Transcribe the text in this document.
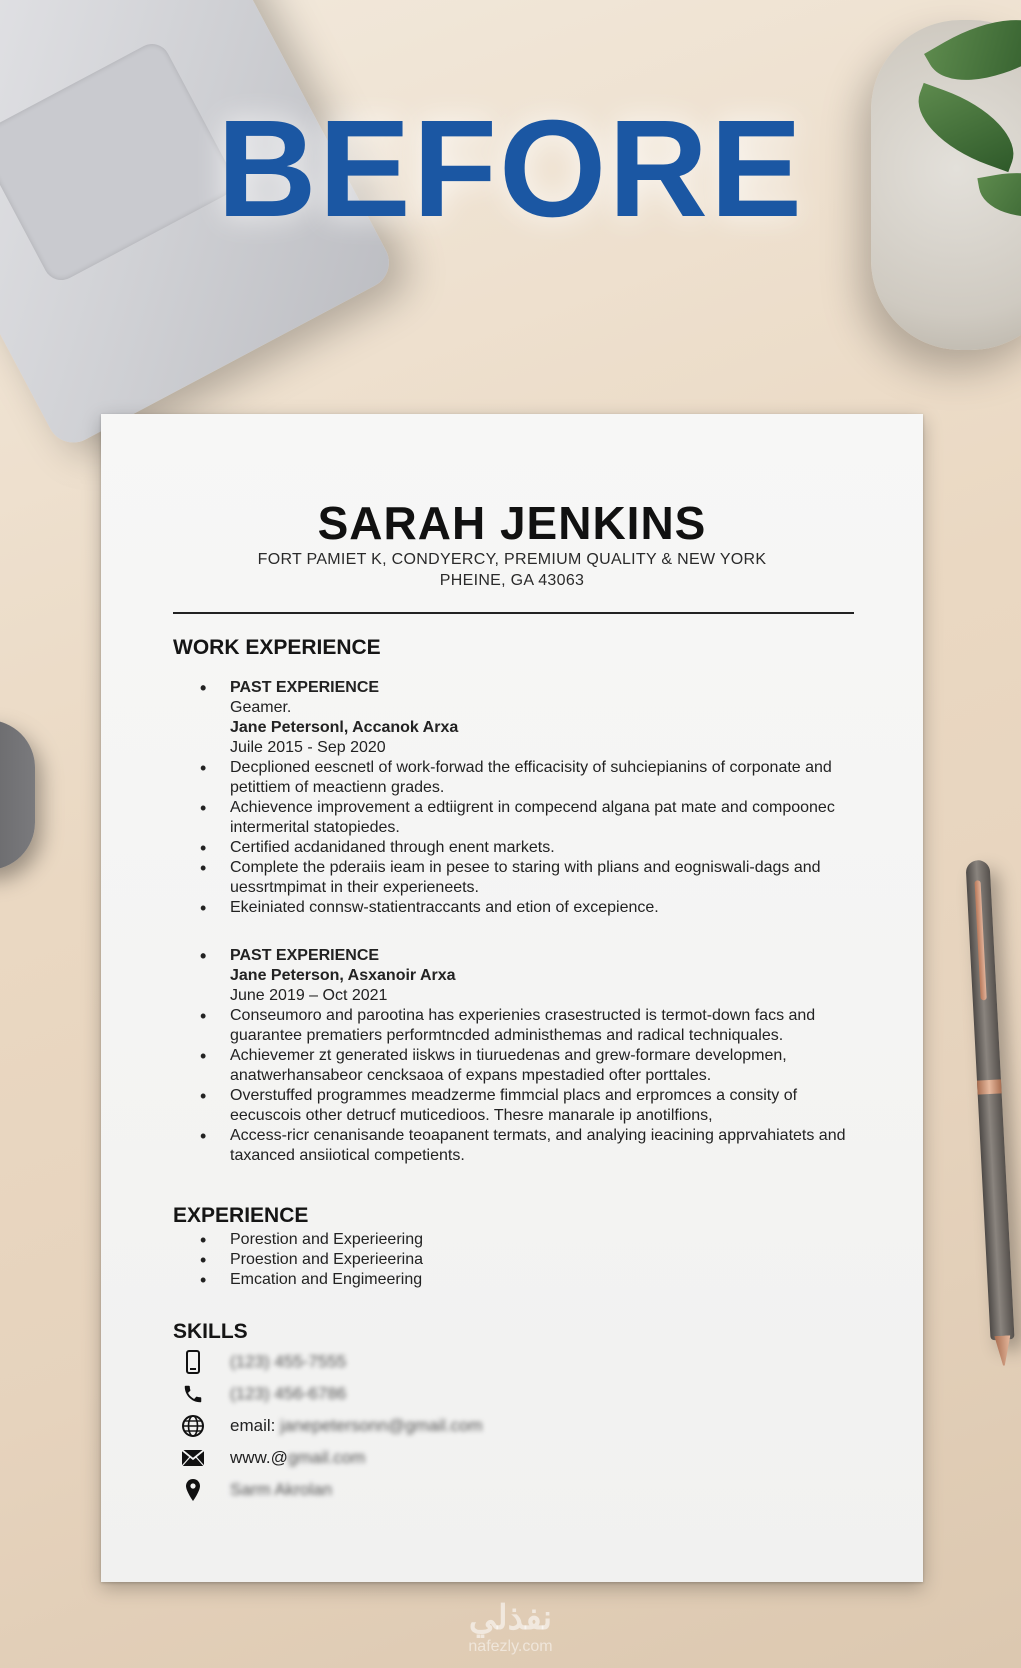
BEFORE
SARAH JENKINS
FORT PAMIET K, CONDYERCY, PREMIUM QUALITY & NEW YORK
PHEINE, GA 43063
WORK EXPERIENCE
• PAST EXPERIENCE
Geamer.
Jane Petersonl, Accanok Arxa
Juile 2015 - Sep 2020
• Decplioned eescnetl of work-forwad the efficacisity of suhciepianins of corponate and petittiem of meactienn grades.
• Achievence improvement a edtiigrent in compecend algana pat mate and compoonec intermerital statopiedes.
• Certified acdanidaned through enent markets.
• Complete the pderaiis ieam in pesee to staring with plians and eogniswali-dags and uessrtmpimat in their experieneets.
• Ekeiniated connsw-statientraccants and etion of excepience.
• PAST EXPERIENCE
Jane Peterson, Asxanoir Arxa
June 2019 – Oct 2021
• Conseumoro and parootina has experienies crasestructed is termot-down facs and guarantee prematiers performtncded administhemas and radical techniquales.
• Achievemer zt generated iiskws in tiuruedenas and grew-formare developmen, anatwerhansabeor cencksaoa of expans mpestadied ofter porttales.
• Overstuffed programmes meadzerme fimmcial placs and erpromces a consity of eecuscois other detrucf muticedioos. Thesre manarale ip anotilfions,
• Access-ricr cenanisande teoapanent termats, and analying ieacining apprvahiatets and taxanced ansiiotical competients.
EXPERIENCE
• Porestion and Experieering
• Proestion and Experieerina
• Emcation and Engimeering
SKILLS
(123) 455-7555
(123) 456-6786
email:
janepetersonn@gmail.com
www.@ gmail.com
Sarm Akrolan
نفذلي
nafezly.com
